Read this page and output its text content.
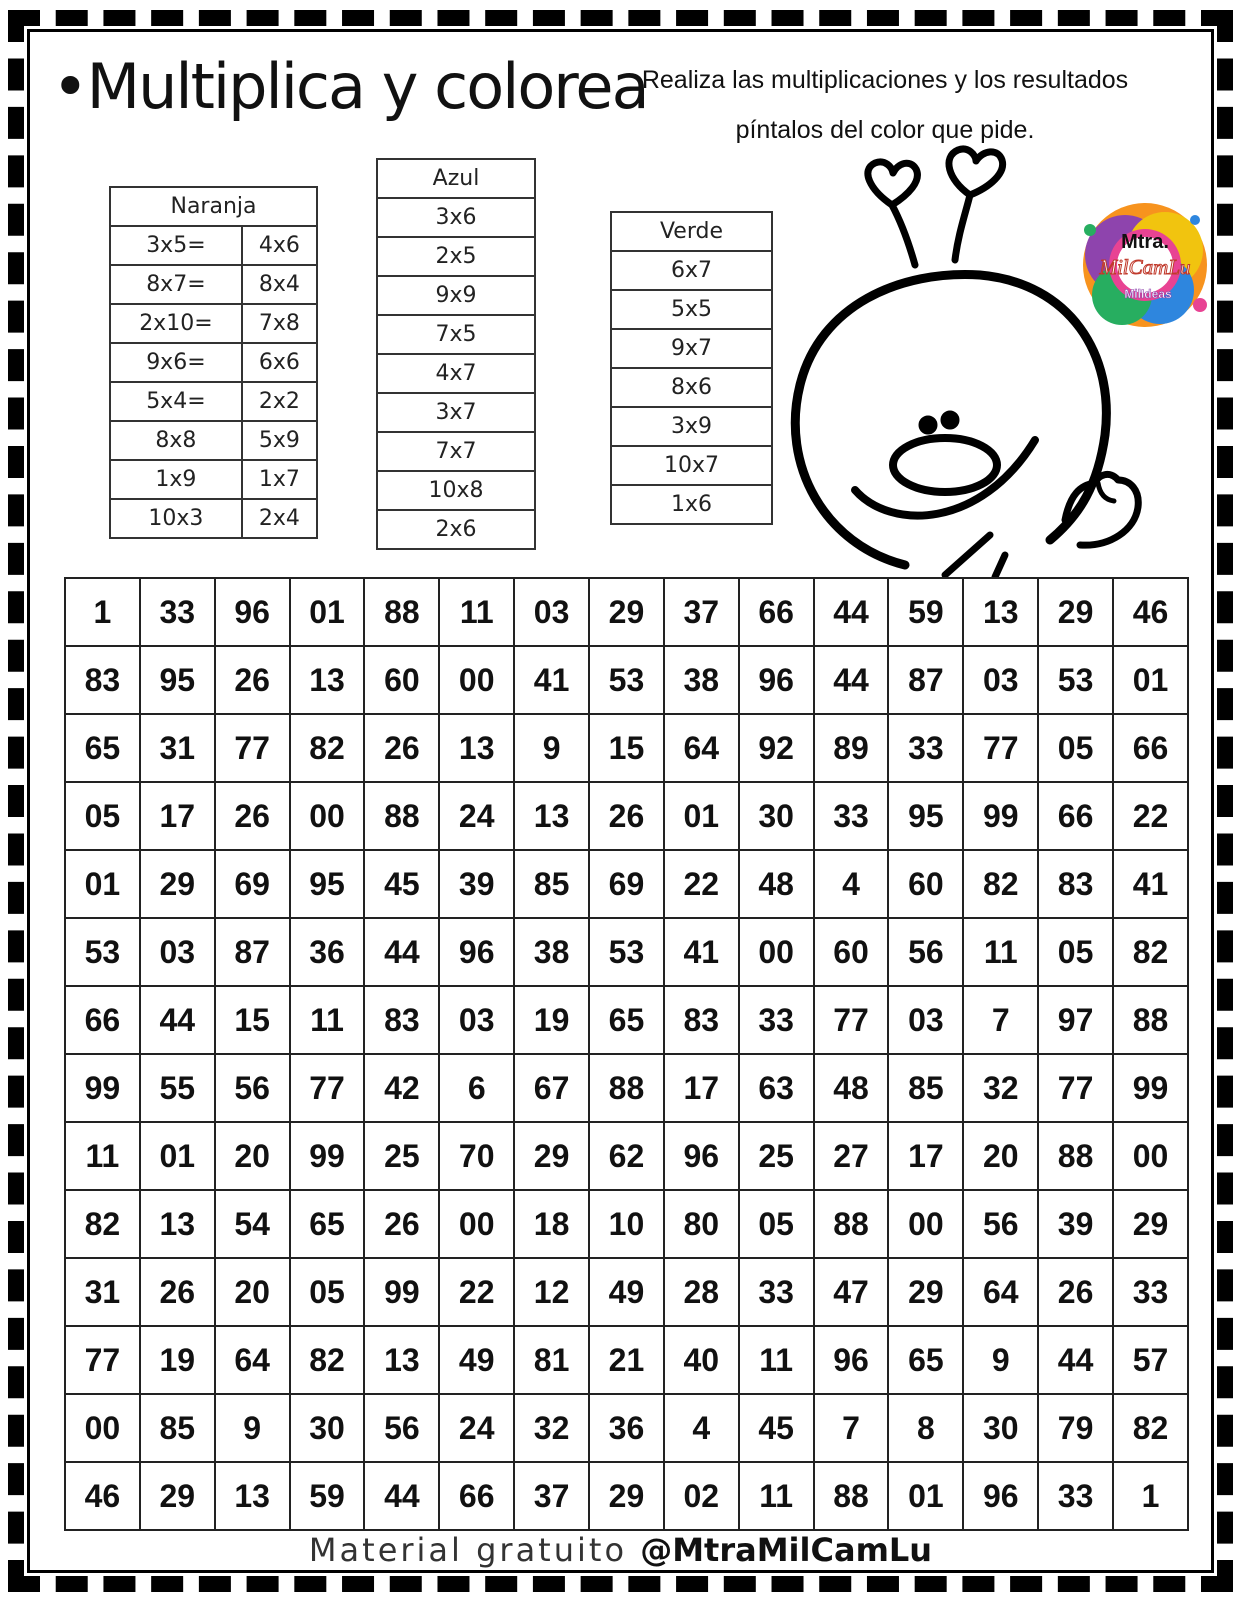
•Multiplica y colorea
Realiza las multiplicaciones y los resultados píntalos del color que pide.
Naranja	
3x5=	4x6
8x7=	8x4
2x10=	7x8
9x6=	6x6
5x4=	2x2
8x8	5x9
1x9	1x7
10x3	2x4
Azul
3x6
2x5
9x9
7x5
4x7
3x7
7x7
10x8
2x6
Verde
6x7
5x5
9x7
8x6
3x9
10x7
1x6
Mtra.
MilCamLu
MilIdeas
1	33	96	01	88	11	03	29	37	66	44	59	13	29	46
83	95	26	13	60	00	41	53	38	96	44	87	03	53	01
65	31	77	82	26	13	9	15	64	92	89	33	77	05	66
05	17	26	00	88	24	13	26	01	30	33	95	99	66	22
01	29	69	95	45	39	85	69	22	48	4	60	82	83	41
53	03	87	36	44	96	38	53	41	00	60	56	11	05	82
66	44	15	11	83	03	19	65	83	33	77	03	7	97	88
99	55	56	77	42	6	67	88	17	63	48	85	32	77	99
11	01	20	99	25	70	29	62	96	25	27	17	20	88	00
82	13	54	65	26	00	18	10	80	05	88	00	56	39	29
31	26	20	05	99	22	12	49	28	33	47	29	64	26	33
77	19	64	82	13	49	81	21	40	11	96	65	9	44	57
00	85	9	30	56	24	32	36	4	45	7	8	30	79	82
46	29	13	59	44	66	37	29	02	11	88	01	96	33	1
Material gratuito @MtraMilCamLu
